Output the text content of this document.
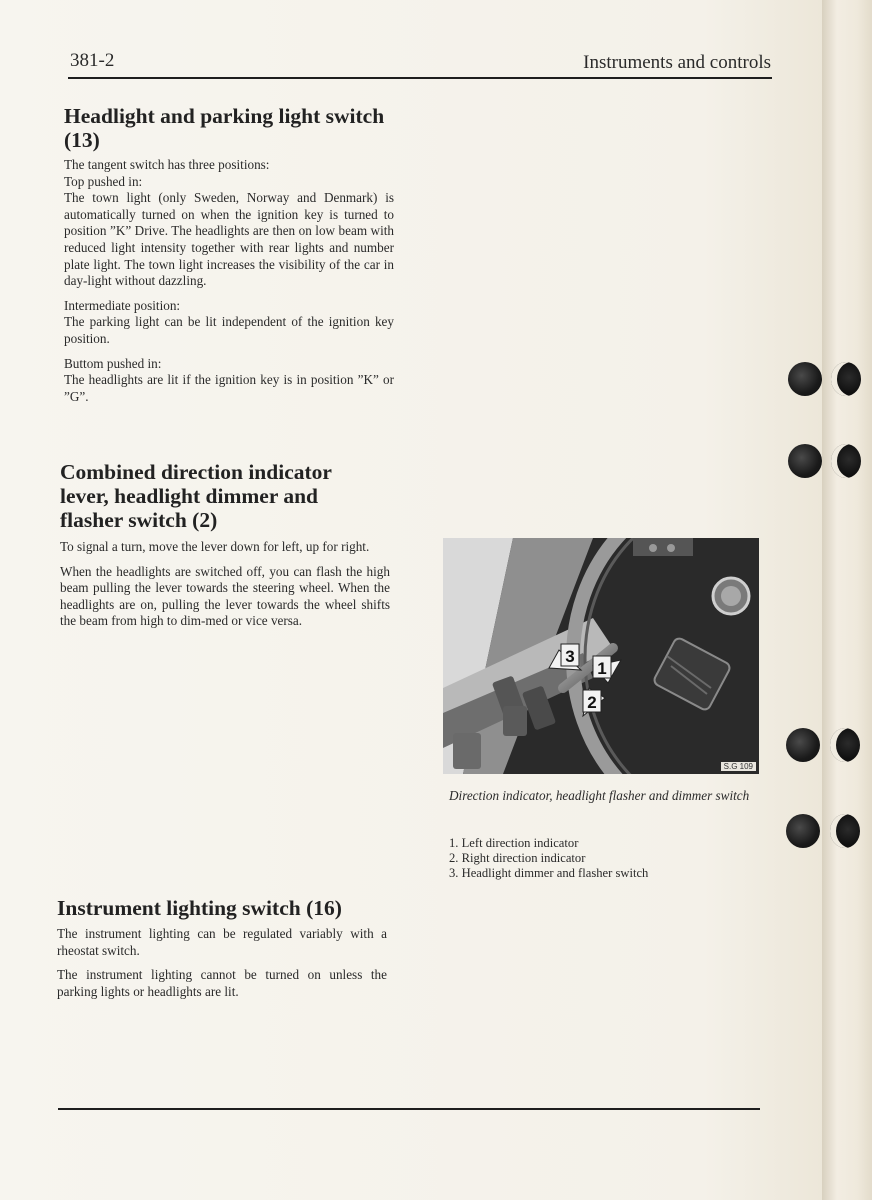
381-2	Instruments and controls
Headlight and parking light switch (13)

The tangent switch has three positions:

Top pushed in:

The town light (only Sweden, Norway and Denmark) is automatically turned on when the ignition key is turned to position ”K” Drive. The headlights are then on low beam with reduced light intensity together with rear lights and number plate light. The town light increases the visibility of the car in day-light without dazzling.

Intermediate position:

The parking light can be lit independent of the ignition key position.

Buttom pushed in:

The headlights are lit if the ignition key is in position ”K” or ”G”.

Combined direction indicator lever, headlight dimmer and flasher switch (2)

To signal a turn, move the lever down for left, up for right.

When the headlights are switched off, you can flash the high beam pulling the lever towards the steering wheel. When the headlights are on, pulling the lever towards the wheel shifts the beam from high to dim-med or vice versa.

3
1
2
S.G 109
Direction indicator, headlight flasher and dimmer switch
1. Left direction indicator
2. Right direction indicator
3. Headlight dimmer and flasher switch
Instrument lighting switch (16)

The instrument lighting can be regulated variably with a rheostat switch.

The instrument lighting cannot be turned on unless the parking lights or headlights are lit.
